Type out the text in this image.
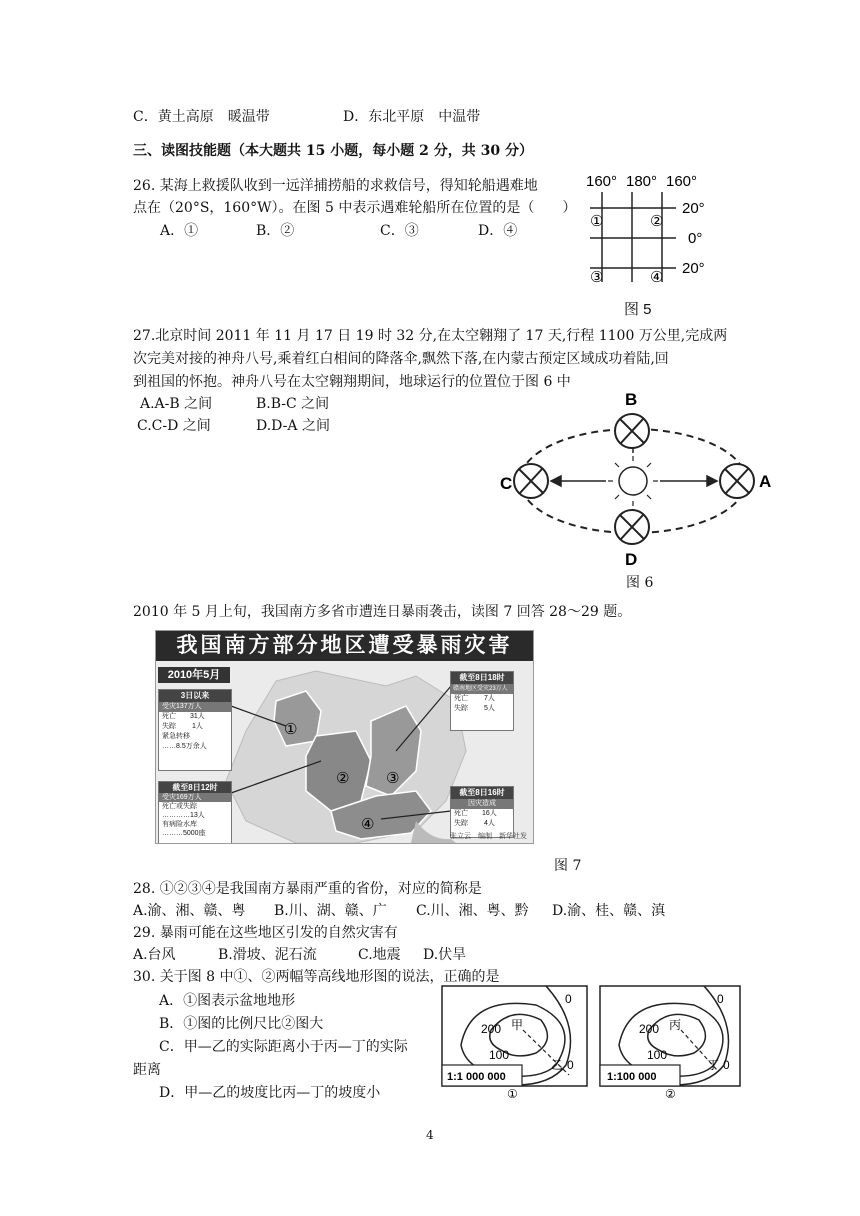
C．黄土高原　暖温带	D．东北平原　中温带
三、读图技能题（本大题共 15 小题，每小题 2 分，共 30 分）
26. 某海上救援队收到一远洋捕捞船的求救信号，得知轮船遇难地
点在（20°S，160°W）。在图 5 中表示遇难轮船所在位置的是（　　）
A．①	B．②	C．③	D．④
160° 180° 160°
20°
0°
20°
①	②
③	④
图 5
27.北京时间 2011 年 11 月 17 日 19 时 32 分,在太空翱翔了 17 天,行程 1100 万公里,完成两
次完美对接的神舟八号,乘着红白相间的降落伞,飘然下落,在内蒙古预定区域成功着陆,回
到祖国的怀抱。神舟八号在太空翱翔期间，地球运行的位置位于图 6 中
A.A-B 之间	B.B-C 之间
C.C-D 之间	D.D-A 之间
A
B
C
D
图 6
2010 年 5 月上旬，我国南方多省市遭连日暴雨袭击，读图 7 回答 28～29 题。
我国南方部分地区遭受暴雨灾害
①
② ③
④
2010年5月
3日以来
受灾137万人
死亡　　31人
失踪　　 1人
紧急转移
……8.5万余人
截至8日12时
受灾169万人
死亡或失踪
…………13人
有病险水库
………5000座
截至8日18时
赣南地区受灾23万人
死亡　　 7人
失踪　　 5人
截至8日16时
因灾造成
死亡　　16人
失踪　　 4人
张立云　编制　新华社发
图 7
28. ①②③④是我国南方暴雨严重的省份，对应的简称是
A.渝、湘、赣、粤 B.川、湖、赣、广 C.川、湘、粤、黔 D.渝、桂、赣、滇
29. 暴雨可能在这些地区引发的自然灾害有
A.台风	B.滑坡、泥石流	C.地震 D.伏旱
30. 关于图 8 中①、②两幅等高线地形图的说法，正确的是
A．①图表示盆地地形
B．①图的比例尺比②图大
C．甲—乙的实际距离小于丙—丁的实际
距离
D．甲—乙的坡度比丙—丁的坡度小
0
200
100
0
甲
乙
1:1 000 000
①
0
200
100
0
丙
丁
1:100 000
②
4
